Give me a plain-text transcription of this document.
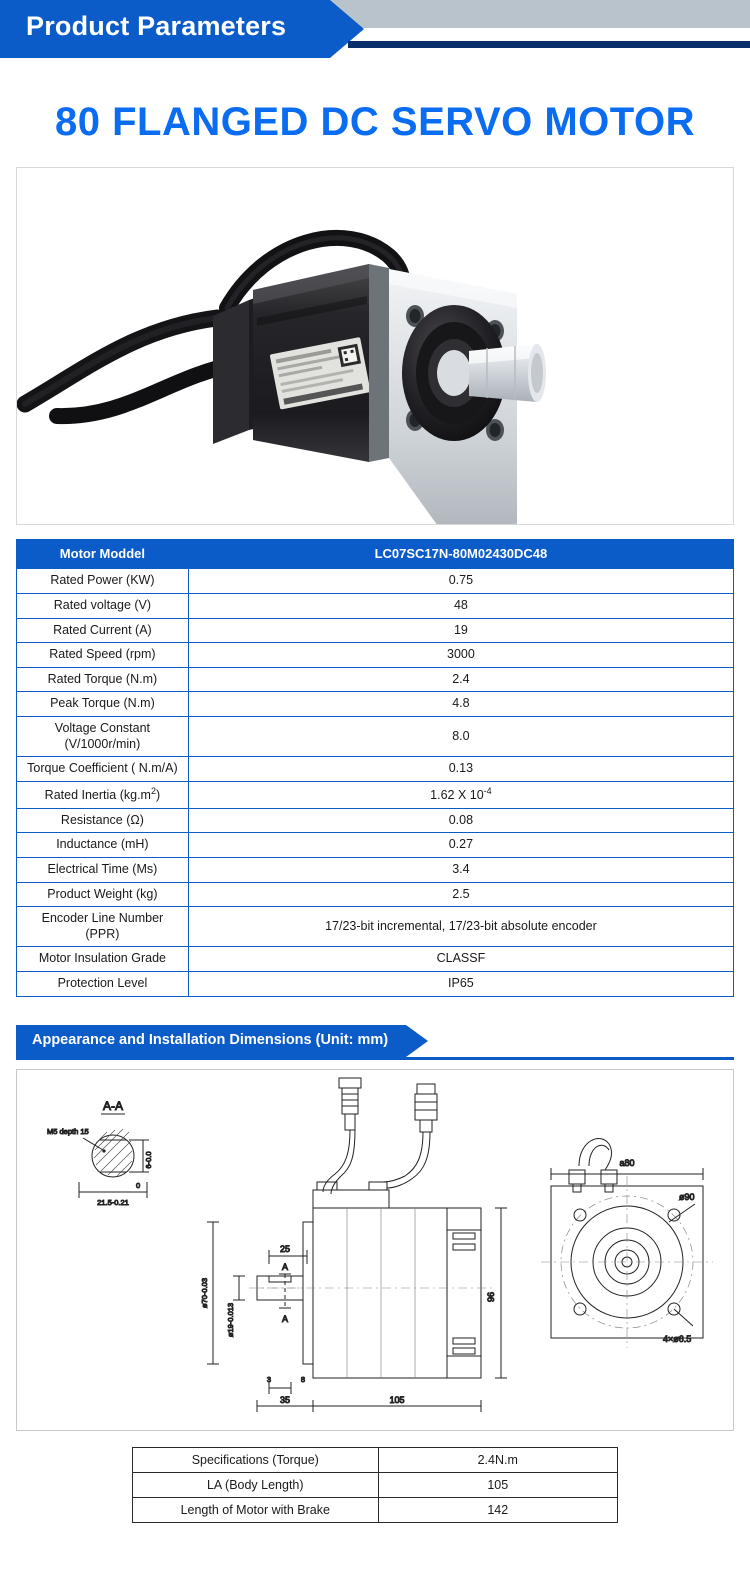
Product Parameters
80 FLANGED DC SERVO MOTOR
Motor Moddel	LC07SC17N-80M02430DC48
Rated Power (KW)	0.75
Rated voltage (V)	48
Rated Current (A)	19
Rated Speed (rpm)	3000
Rated Torque (N.m)	2.4
Peak Torque (N.m)	4.8
Voltage Constant
(V/1000r/min)	8.0
Torque Coefficient ( N.m/A)	0.13
Rated Inertia $(kg.m^2)$	1.62 X $10^{-4}$
Resistance (Ω)	0.08
Inductance (mH)	0.27
Electrical Time (Ms)	3.4
Product Weight (kg)	2.5
Encoder Line Number (PPR)	17/23-bit incremental, 17/23-bit absolute encoder
Motor Insulation Grade	CLASSF
Protection Level	IP65
Appearance and Installation Dimensions (Unit: mm)
A-A
M5 depth 15
21.5-0.21
0
6-0.0
25
A
A
ø70-0.03
ø19-0.013
96
35	105
3	8
a80
ø90
4×ø6.5
Specifications (Torque)	2.4N.m
LA (Body Length)	105
Length of Motor with Brake	142
